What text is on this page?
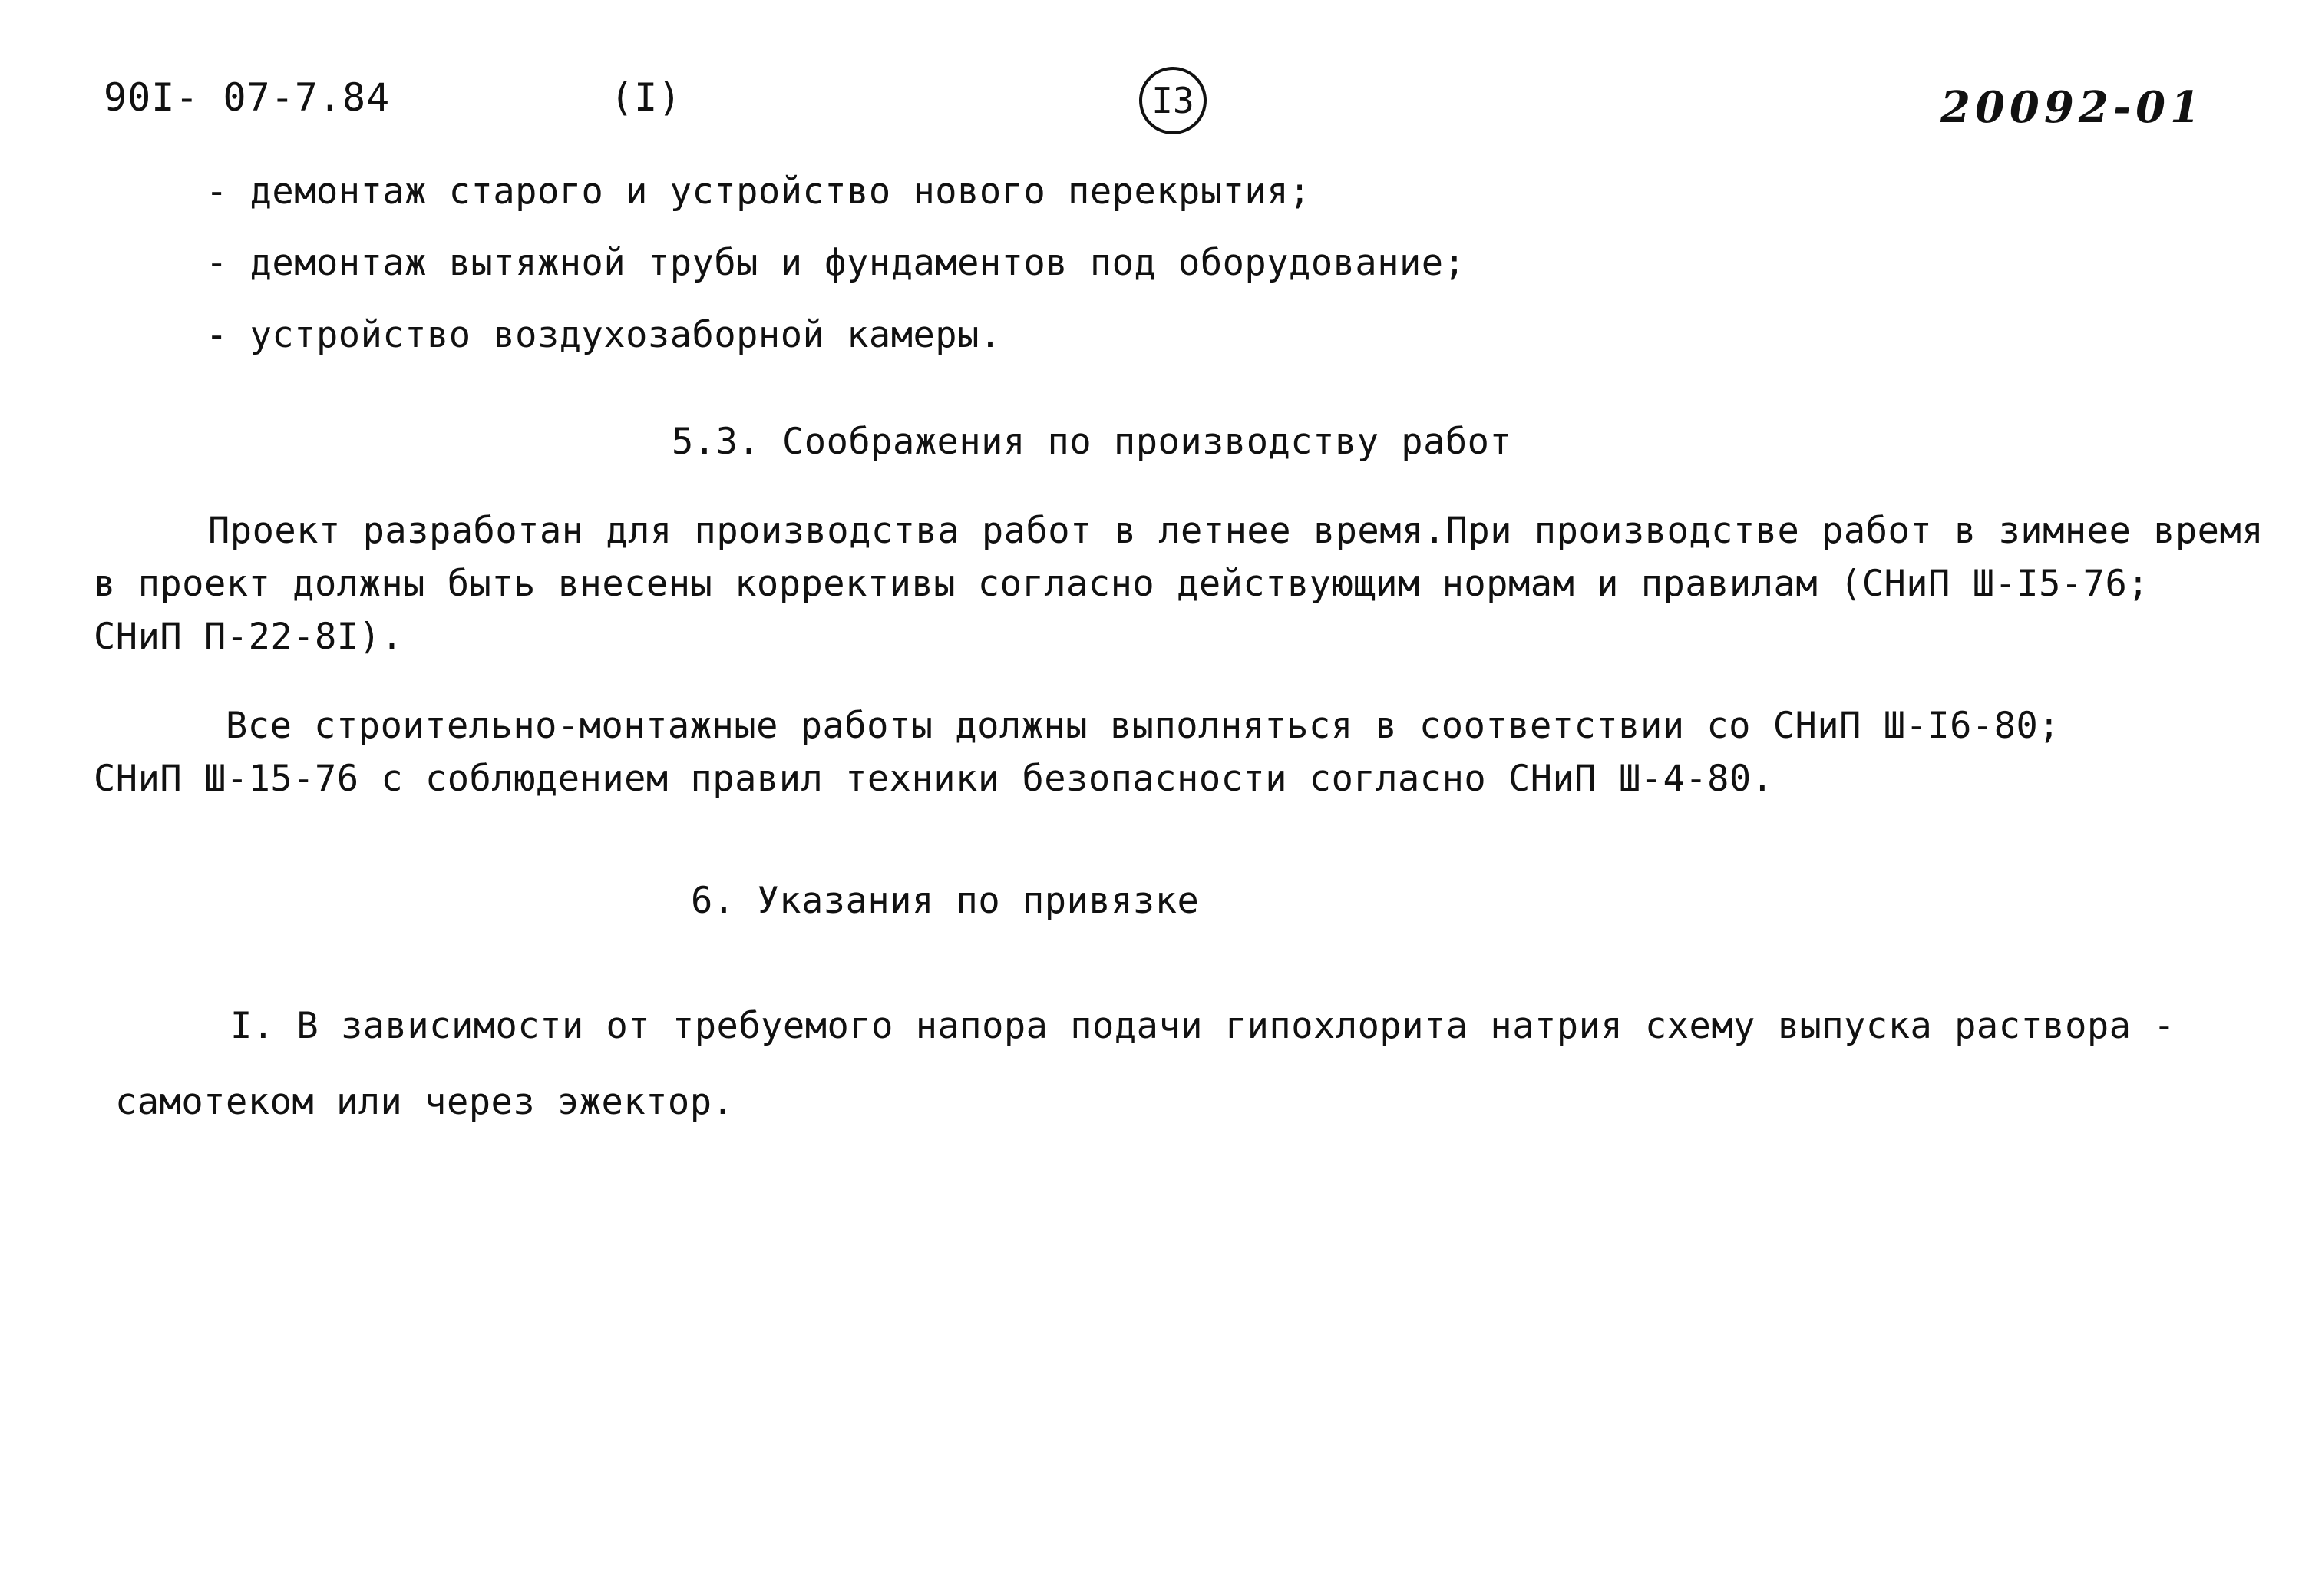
90I- 07-7.84	(I)	I3	20092-01
- демонтаж старого и устройство нового перекрытия;
- демонтаж вытяжной трубы и фундаментов под оборудование;
- устройство воздухозаборной камеры.
5.3. Соображения по производству работ
Проект разработан для производства работ в летнее время.При производстве работ в зимнее время
в проект должны быть внесены коррективы согласно действующим нормам и правилам (СНиП Ш-I5-76;
СНиП П-22-8I).
Все строительно-монтажные работы должны выполняться в соответствии со СНиП Ш-I6-80;
СНиП Ш-15-76 с соблюдением правил техники безопасности согласно СНиП Ш-4-80.
6. Указания по привязке
I. В зависимости от требуемого напора подачи гипохлорита натрия схему выпуска раствора -
самотеком или через эжектор.
